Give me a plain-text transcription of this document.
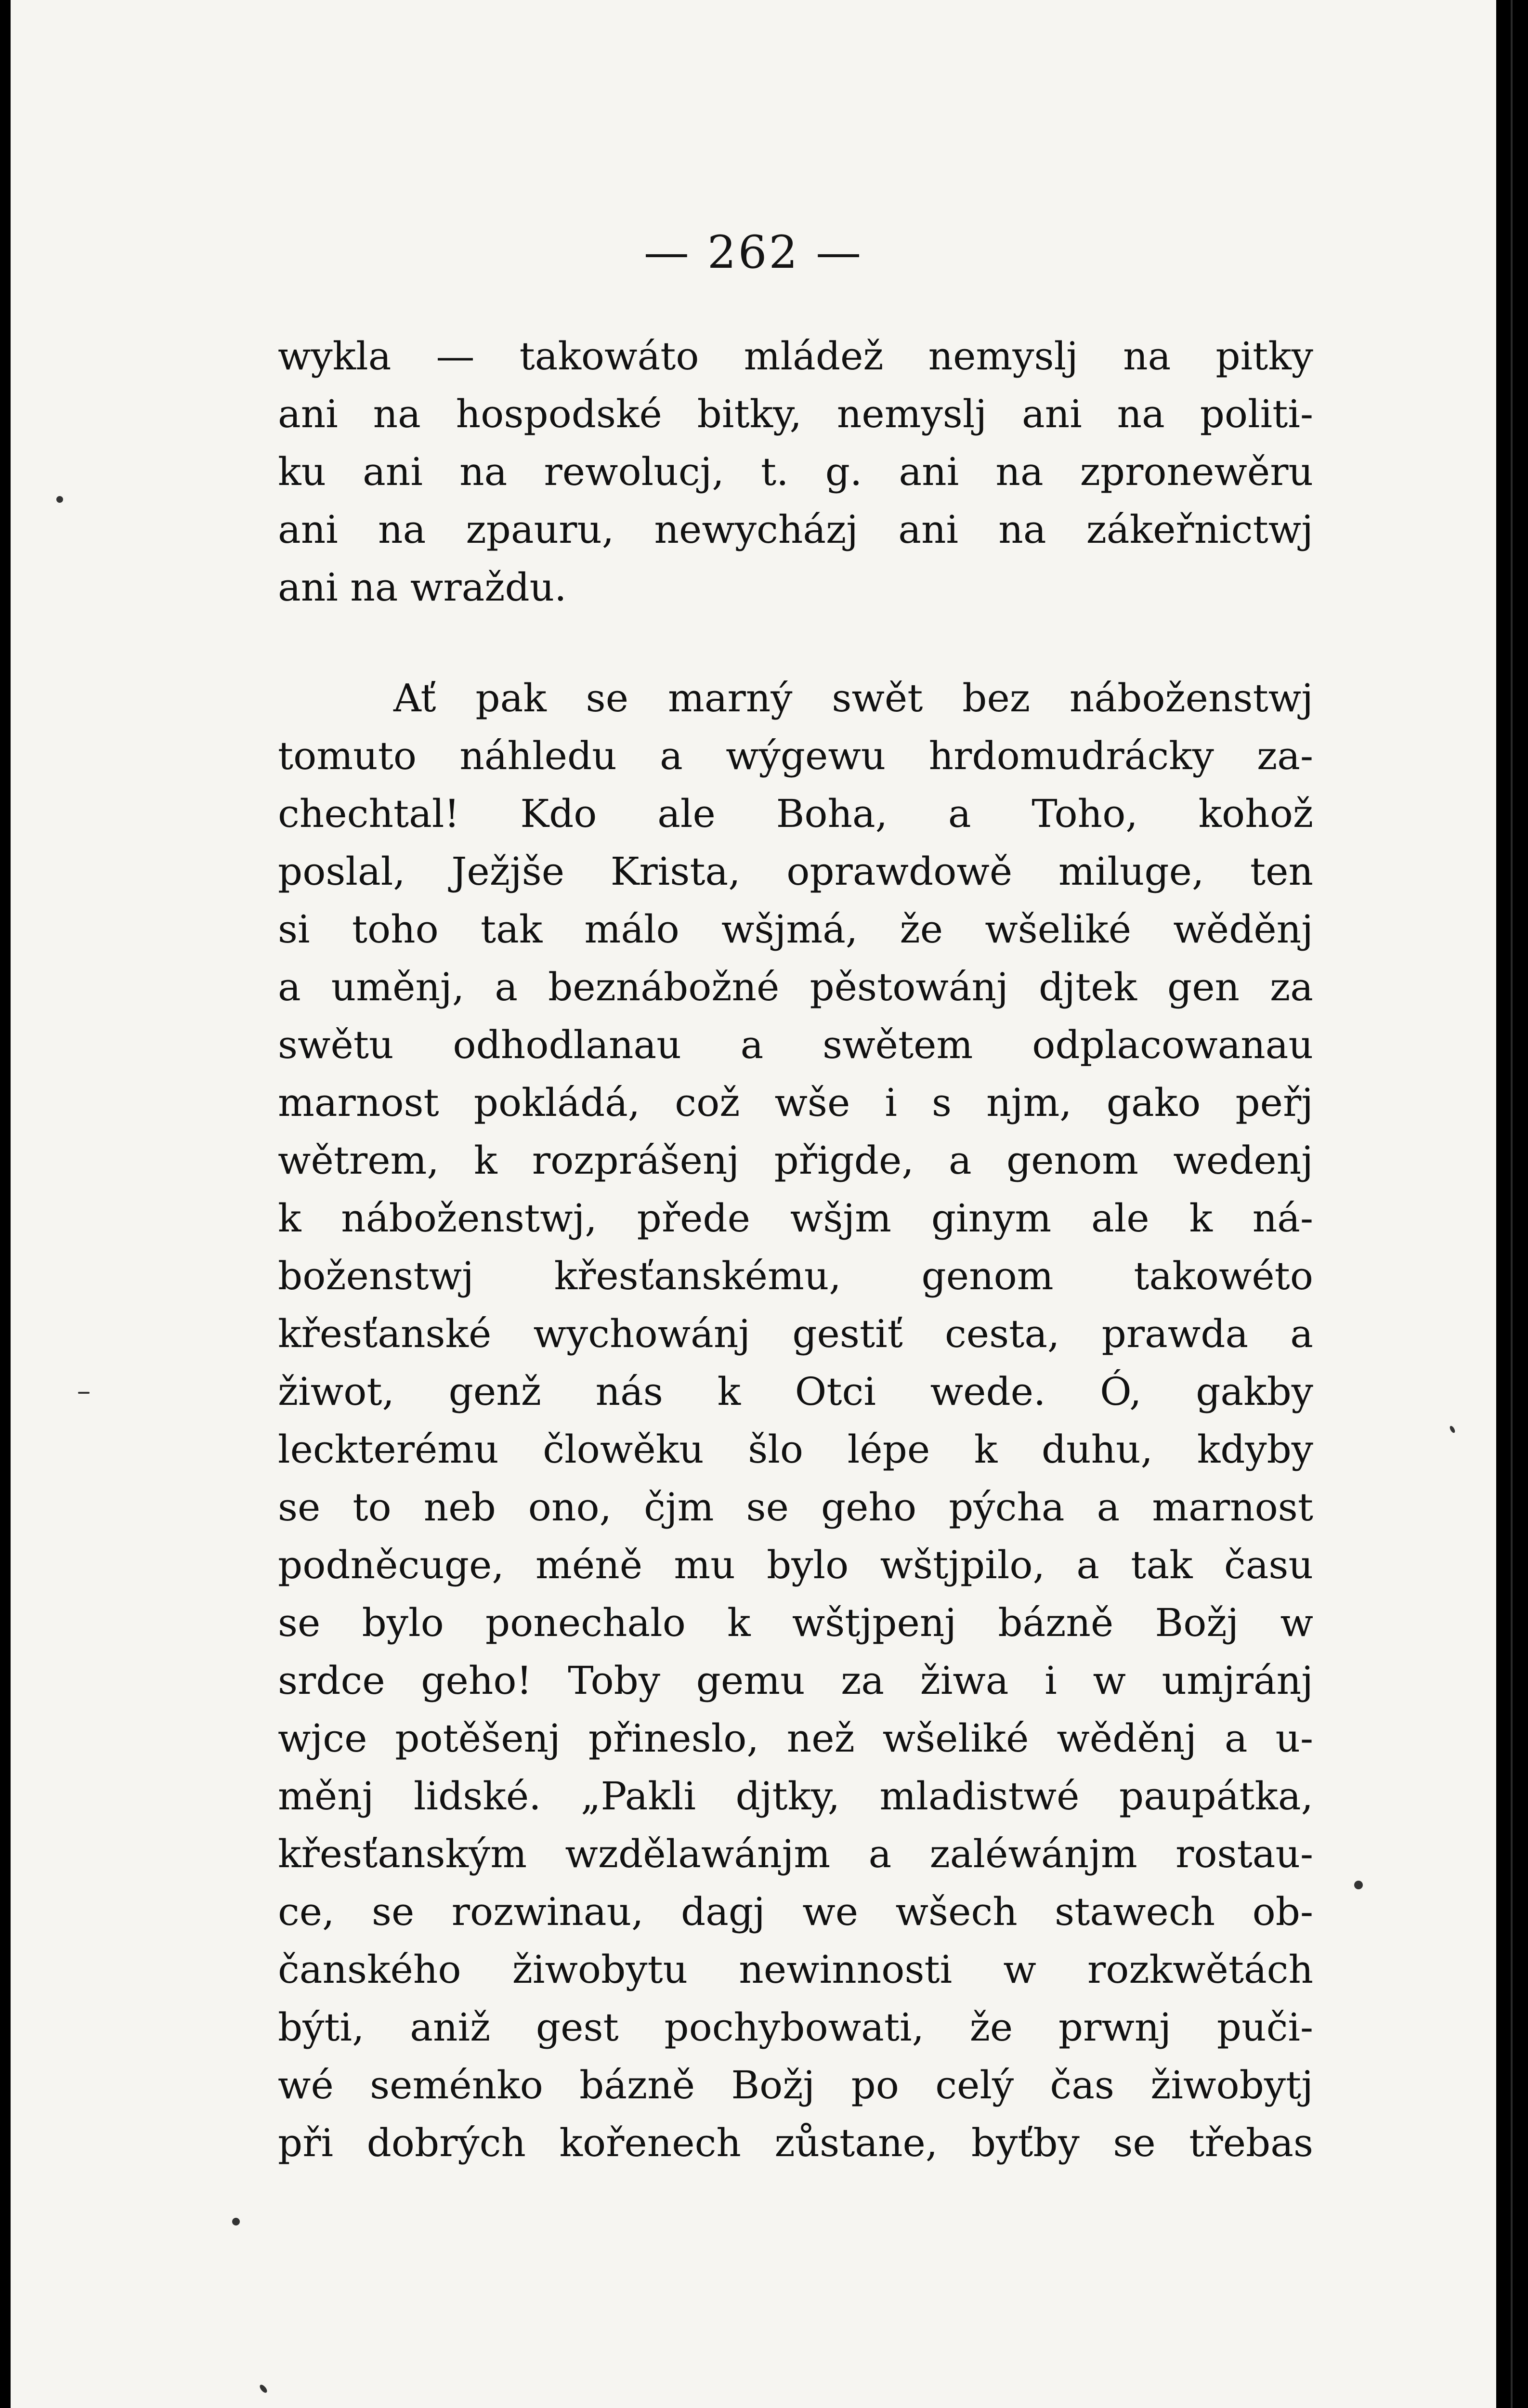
— 262 —
wykla — takowáto mládež nemyslj na pitky
ani na hospodské bitky, nemyslj ani na politi-
ku ani na rewolucj, t. g. ani na zpronewěru
ani na zpauru, newycházj ani na zákeřnictwj
ani na wraždu.
Ať pak se marný swět bez náboženstwj
tomuto náhledu a wýgewu hrdomudrácky za-
chechtal! Kdo ale Boha, a Toho, kohož
poslal, Ježjše Krista, oprawdowě miluge, ten
si toho tak málo wšjmá, že wšeliké wěděnj
a uměnj, a beznábožné pěstowánj djtek gen za
swětu odhodlanau a swětem odplacowanau
marnost pokládá, což wše i s njm, gako peřj
wětrem, k rozprášenj přigde, a genom wedenj
k náboženstwj, přede wšjm ginym ale k ná-
boženstwj křesťanskému, genom takowéto
křesťanské wychowánj gestiť cesta, prawda a
žiwot, genž nás k Otci wede. Ó, gakby
leckterému člowěku šlo lépe k duhu, kdyby
se to neb ono, čjm se geho pýcha a marnost
podněcuge, méně mu bylo wštjpilo, a tak času
se bylo ponechalo k wštjpenj bázně Božj w
srdce geho! Toby gemu za žiwa i w umjránj
wjce potěšenj přineslo, než wšeliké wěděnj a u-
měnj lidské. „Pakli djtky, mladistwé paupátka,
křesťanským wzdělawánjm a zaléwánjm rostau-
ce, se rozwinau, dagj we wšech stawech ob-
čanského žiwobytu newinnosti w rozkwětách
býti, aniž gest pochybowati, že prwnj puči-
wé seménko bázně Božj po celý čas žiwobytj
při dobrých kořenech zůstane, byťby se třebas
